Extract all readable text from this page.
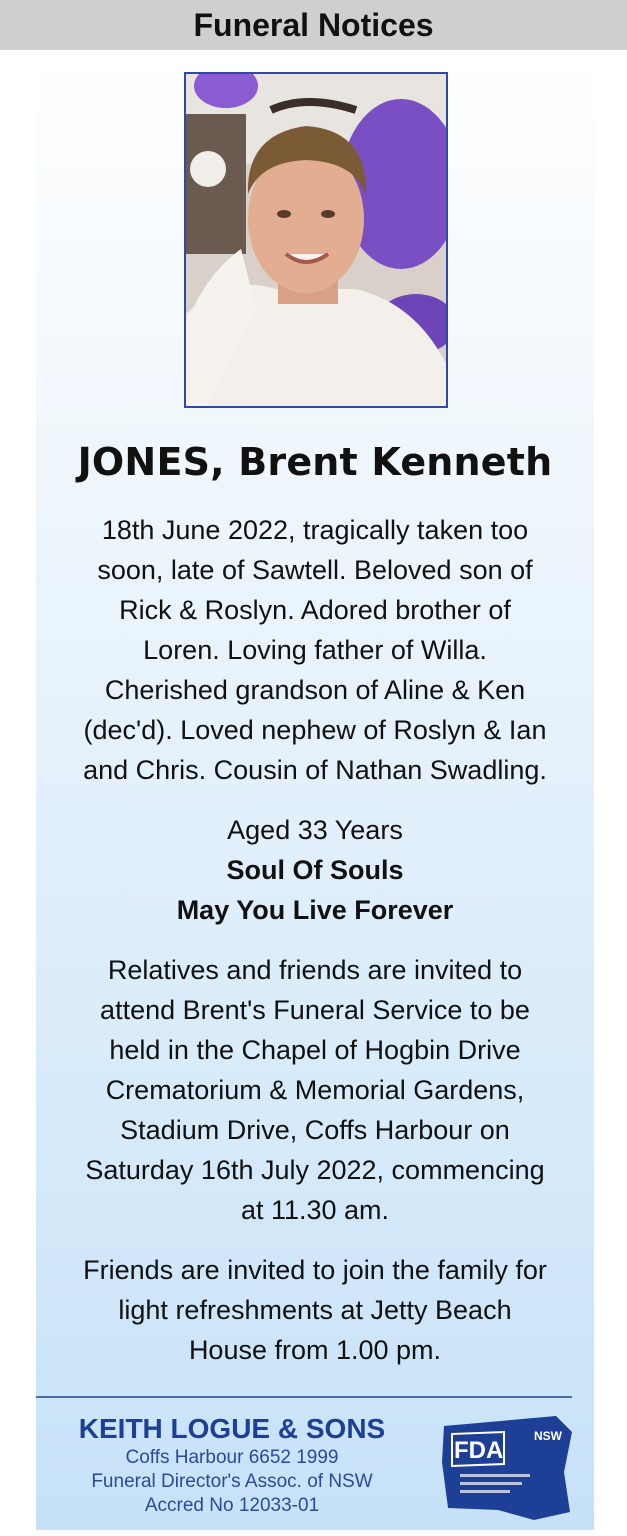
Funeral Notices
JONES, Brent Kenneth
18th June 2022, tragically taken too
soon, late of Sawtell. Beloved son of
Rick & Roslyn. Adored brother of
Loren. Loving father of Willa.
Cherished grandson of Aline & Ken
(dec'd). Loved nephew of Roslyn & Ian
and Chris. Cousin of Nathan Swadling.
Aged 33 Years
Soul Of Souls
May You Live Forever
Relatives and friends are invited to
attend Brent's Funeral Service to be
held in the Chapel of Hogbin Drive
Crematorium & Memorial Gardens,
Stadium Drive, Coffs Harbour on
Saturday 16th July 2022, commencing
at 11.30 am.
Friends are invited to join the family for
light refreshments at Jetty Beach
House from 1.00 pm.
KEITH LOGUE & SONS
Coffs Harbour 6652 1999
Funeral Director's Assoc. of NSW
Accred No 12033-01
FDA
NSW
